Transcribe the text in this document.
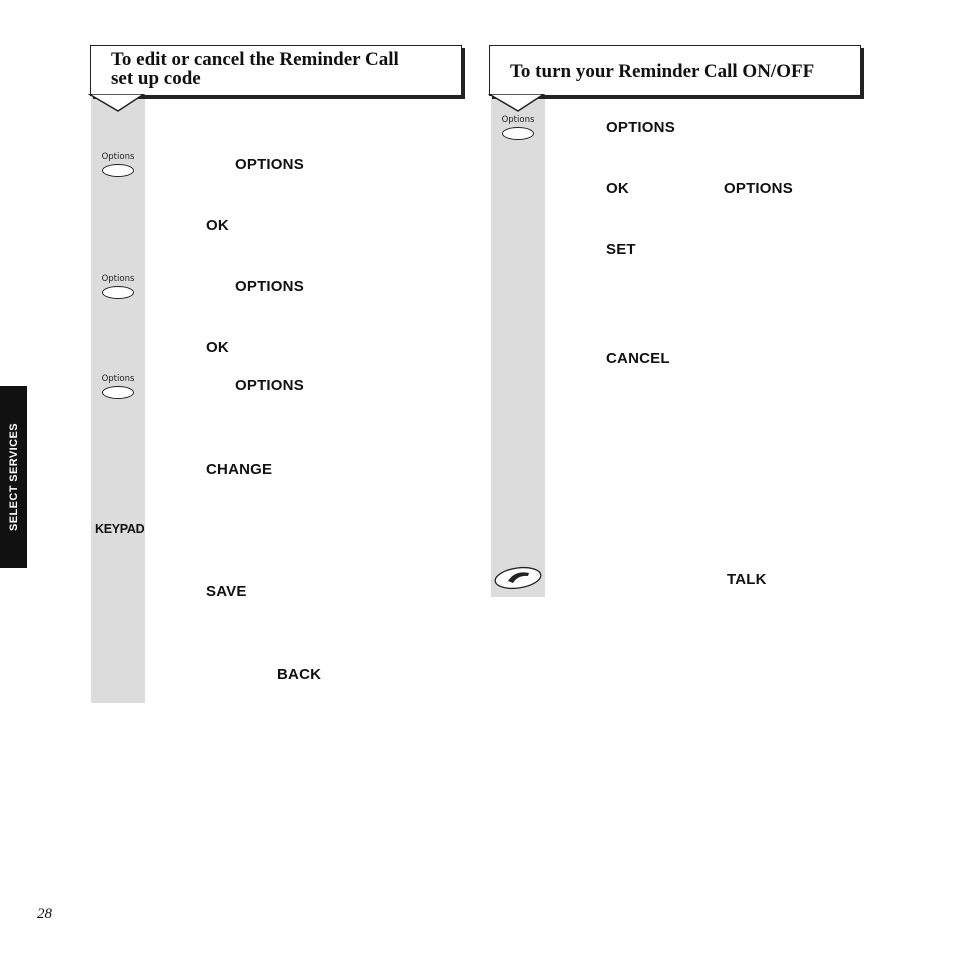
SELECT SERVICES
To edit or cancel the Reminder Call
set up code
Options
Options
Options
KEYPAD
OPTIONS
OK
OPTIONS
OK
OPTIONS
CHANGE
SAVE
BACK
To turn your Reminder Call ON/OFF
Options	OPTIONS
OK	OPTIONS
SET
CANCEL
TALK
28
